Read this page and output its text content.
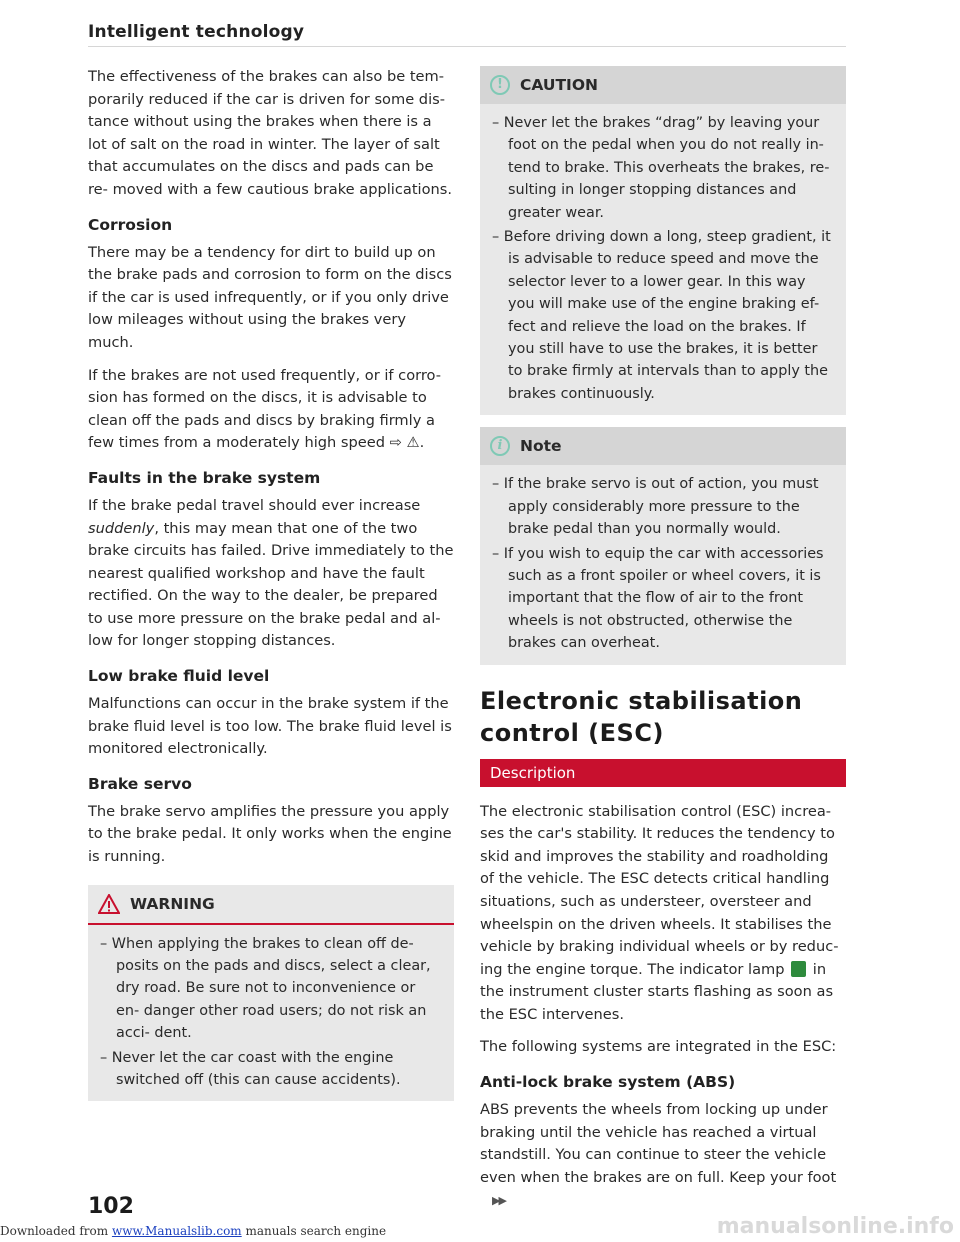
Intelligent technology

The effectiveness of the brakes can also be tem- porarily reduced if the car is driven for some dis- tance without using the brakes when there is a lot of salt on the road in winter. The layer of salt that accumulates on the discs and pads can be re- moved with a few cautious brake applications.

Corrosion

There may be a tendency for dirt to build up on the brake pads and corrosion to form on the discs if the car is used infrequently, or if you only drive low mileages without using the brakes very much.

If the brakes are not used frequently, or if corro- sion has formed on the discs, it is advisable to clean off the pads and discs by braking firmly a few times from a moderately high speed ⇨ ⚠.

Faults in the brake system

If the brake pedal travel should ever increase suddenly, this may mean that one of the two brake circuits has failed. Drive immediately to the nearest qualified workshop and have the fault rectified. On the way to the dealer, be prepared to use more pressure on the brake pedal and al- low for longer stopping distances.

Low brake fluid level

Malfunctions can occur in the brake system if the brake fluid level is too low. The brake fluid level is monitored electronically.

Brake servo

The brake servo amplifies the pressure you apply to the brake pedal. It only works when the engine is running.

WARNING

– When applying the brakes to clean off de- posits on the pads and discs, select a clear, dry road. Be sure not to inconvenience or en- danger other road users; do not risk an acci- dent.

– Never let the car coast with the engine switched off (this can cause accidents).

!	CAUTION

– Never let the brakes “drag” by leaving your foot on the pedal when you do not really in- tend to brake. This overheats the brakes, re- sulting in longer stopping distances and greater wear.

– Before driving down a long, steep gradient, it is advisable to reduce speed and move the selector lever to a lower gear. In this way you will make use of the engine braking ef- fect and relieve the load on the brakes. If you still have to use the brakes, it is better to brake firmly at intervals than to apply the brakes continuously.

i	Note

– If the brake servo is out of action, you must apply considerably more pressure to the brake pedal than you normally would.

– If you wish to equip the car with accessories such as a front spoiler or wheel covers, it is important that the flow of air to the front wheels is not obstructed, otherwise the brakes can overheat.

Electronic stabilisation control (ESC)
Description

The electronic stabilisation control (ESC) increa- ses the car's stability. It reduces the tendency to skid and improves the stability and roadholding of the vehicle. The ESC detects critical handling situations, such as understeer, oversteer and wheelspin on the driven wheels. It stabilises the vehicle by braking individual wheels or by reduc- ing the engine torque. The indicator lamp  in the instrument cluster starts flashing as soon as the ESC intervenes.

The following systems are integrated in the ESC:

Anti-lock brake system (ABS)

ABS prevents the wheels from locking up under braking until the vehicle has reached a virtual standstill. You can continue to steer the vehicle even when the brakes are on full. Keep your foot▶▶

102
Downloaded from www.Manualslib.com manuals search engine	manualsonline.info
